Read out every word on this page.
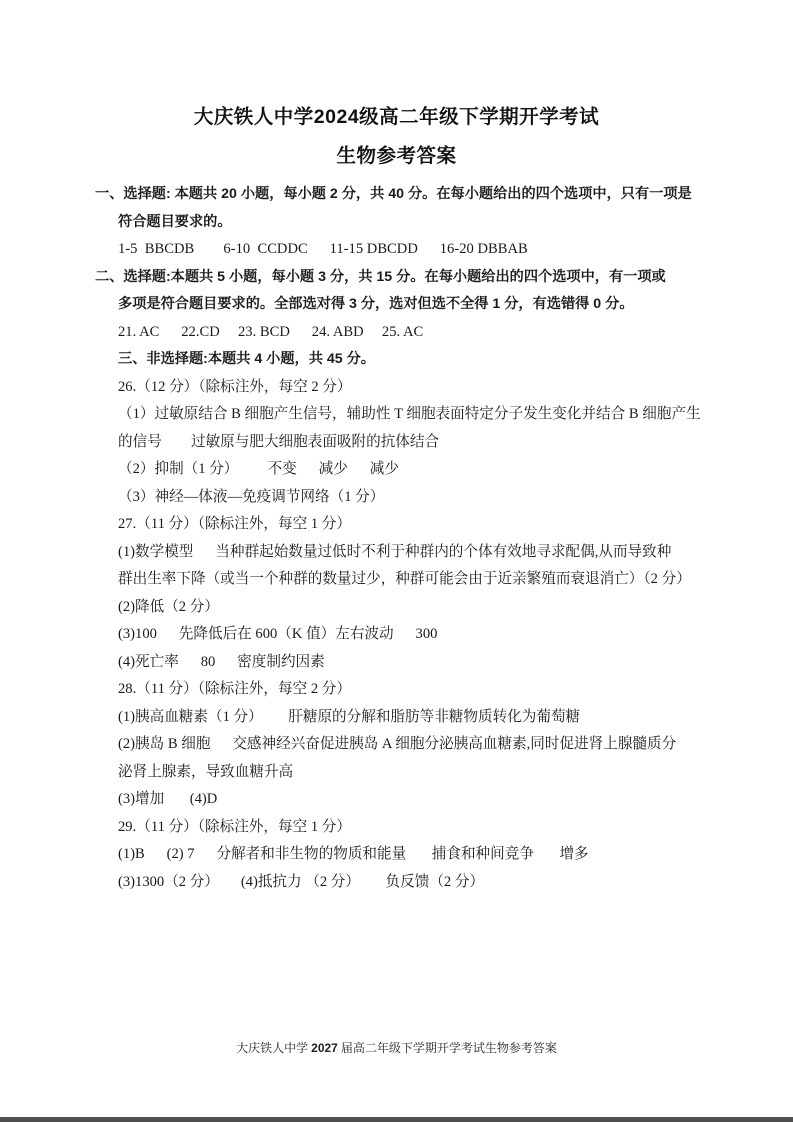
大庆铁人中学2024级高二年级下学期开学考试
生物参考答案
一、选择题: 本题共 20 小题，每小题 2 分，共 40 分。在每小题给出的四个选项中，只有一项是
符合题目要求的。
1-5  BBCDB        6-10  CCDDC      11-15 DBCDD      16-20 DBBAB
二、选择题:本题共 5 小题，每小题 3 分，共 15 分。在每小题给出的四个选项中，有一项或
多项是符合题目要求的。全部选对得 3 分，选对但选不全得 1 分，有选错得 0 分。
21. AC      22.CD     23. BCD      24. ABD     25. AC
三、非选择题:本题共 4 小题，共 45 分。
26.（12 分）（除标注外，每空 2 分）
（1）过敏原结合 B 细胞产生信号，辅助性 T 细胞表面特定分子发生变化并结合 B 细胞产生
的信号        过敏原与肥大细胞表面吸附的抗体结合
（2）抑制（1 分）        不变      减少      减少
（3）神经—体液—免疫调节网络（1 分）
27.（11 分）（除标注外，每空 1 分）
(1)数学模型      当种群起始数量过低时不利于种群内的个体有效地寻求配偶,从而导致种
群出生率下降（或当一个种群的数量过少，种群可能会由于近亲繁殖而衰退消亡）（2 分）
(2)降低（2 分）
(3)100      先降低后在 600（K 值）左右波动      300
(4)死亡率      80      密度制约因素
28.（11 分）（除标注外，每空 2 分）
(1)胰高血糖素（1 分）       肝糖原的分解和脂肪等非糖物质转化为葡萄糖
(2)胰岛 B 细胞      交感神经兴奋促进胰岛 A 细胞分泌胰高血糖素,同时促进肾上腺髓质分
泌肾上腺素，导致血糖升高
(3)增加       (4)D
29.（11 分）（除标注外，每空 1 分）
(1)B      (2) 7      分解者和非生物的物质和能量       捕食和种间竞争       增多
(3)1300（2 分）      (4)抵抗力 （2 分）       负反馈（2 分）
大庆铁人中学 2027 届高二年级下学期开学考试生物参考答案
